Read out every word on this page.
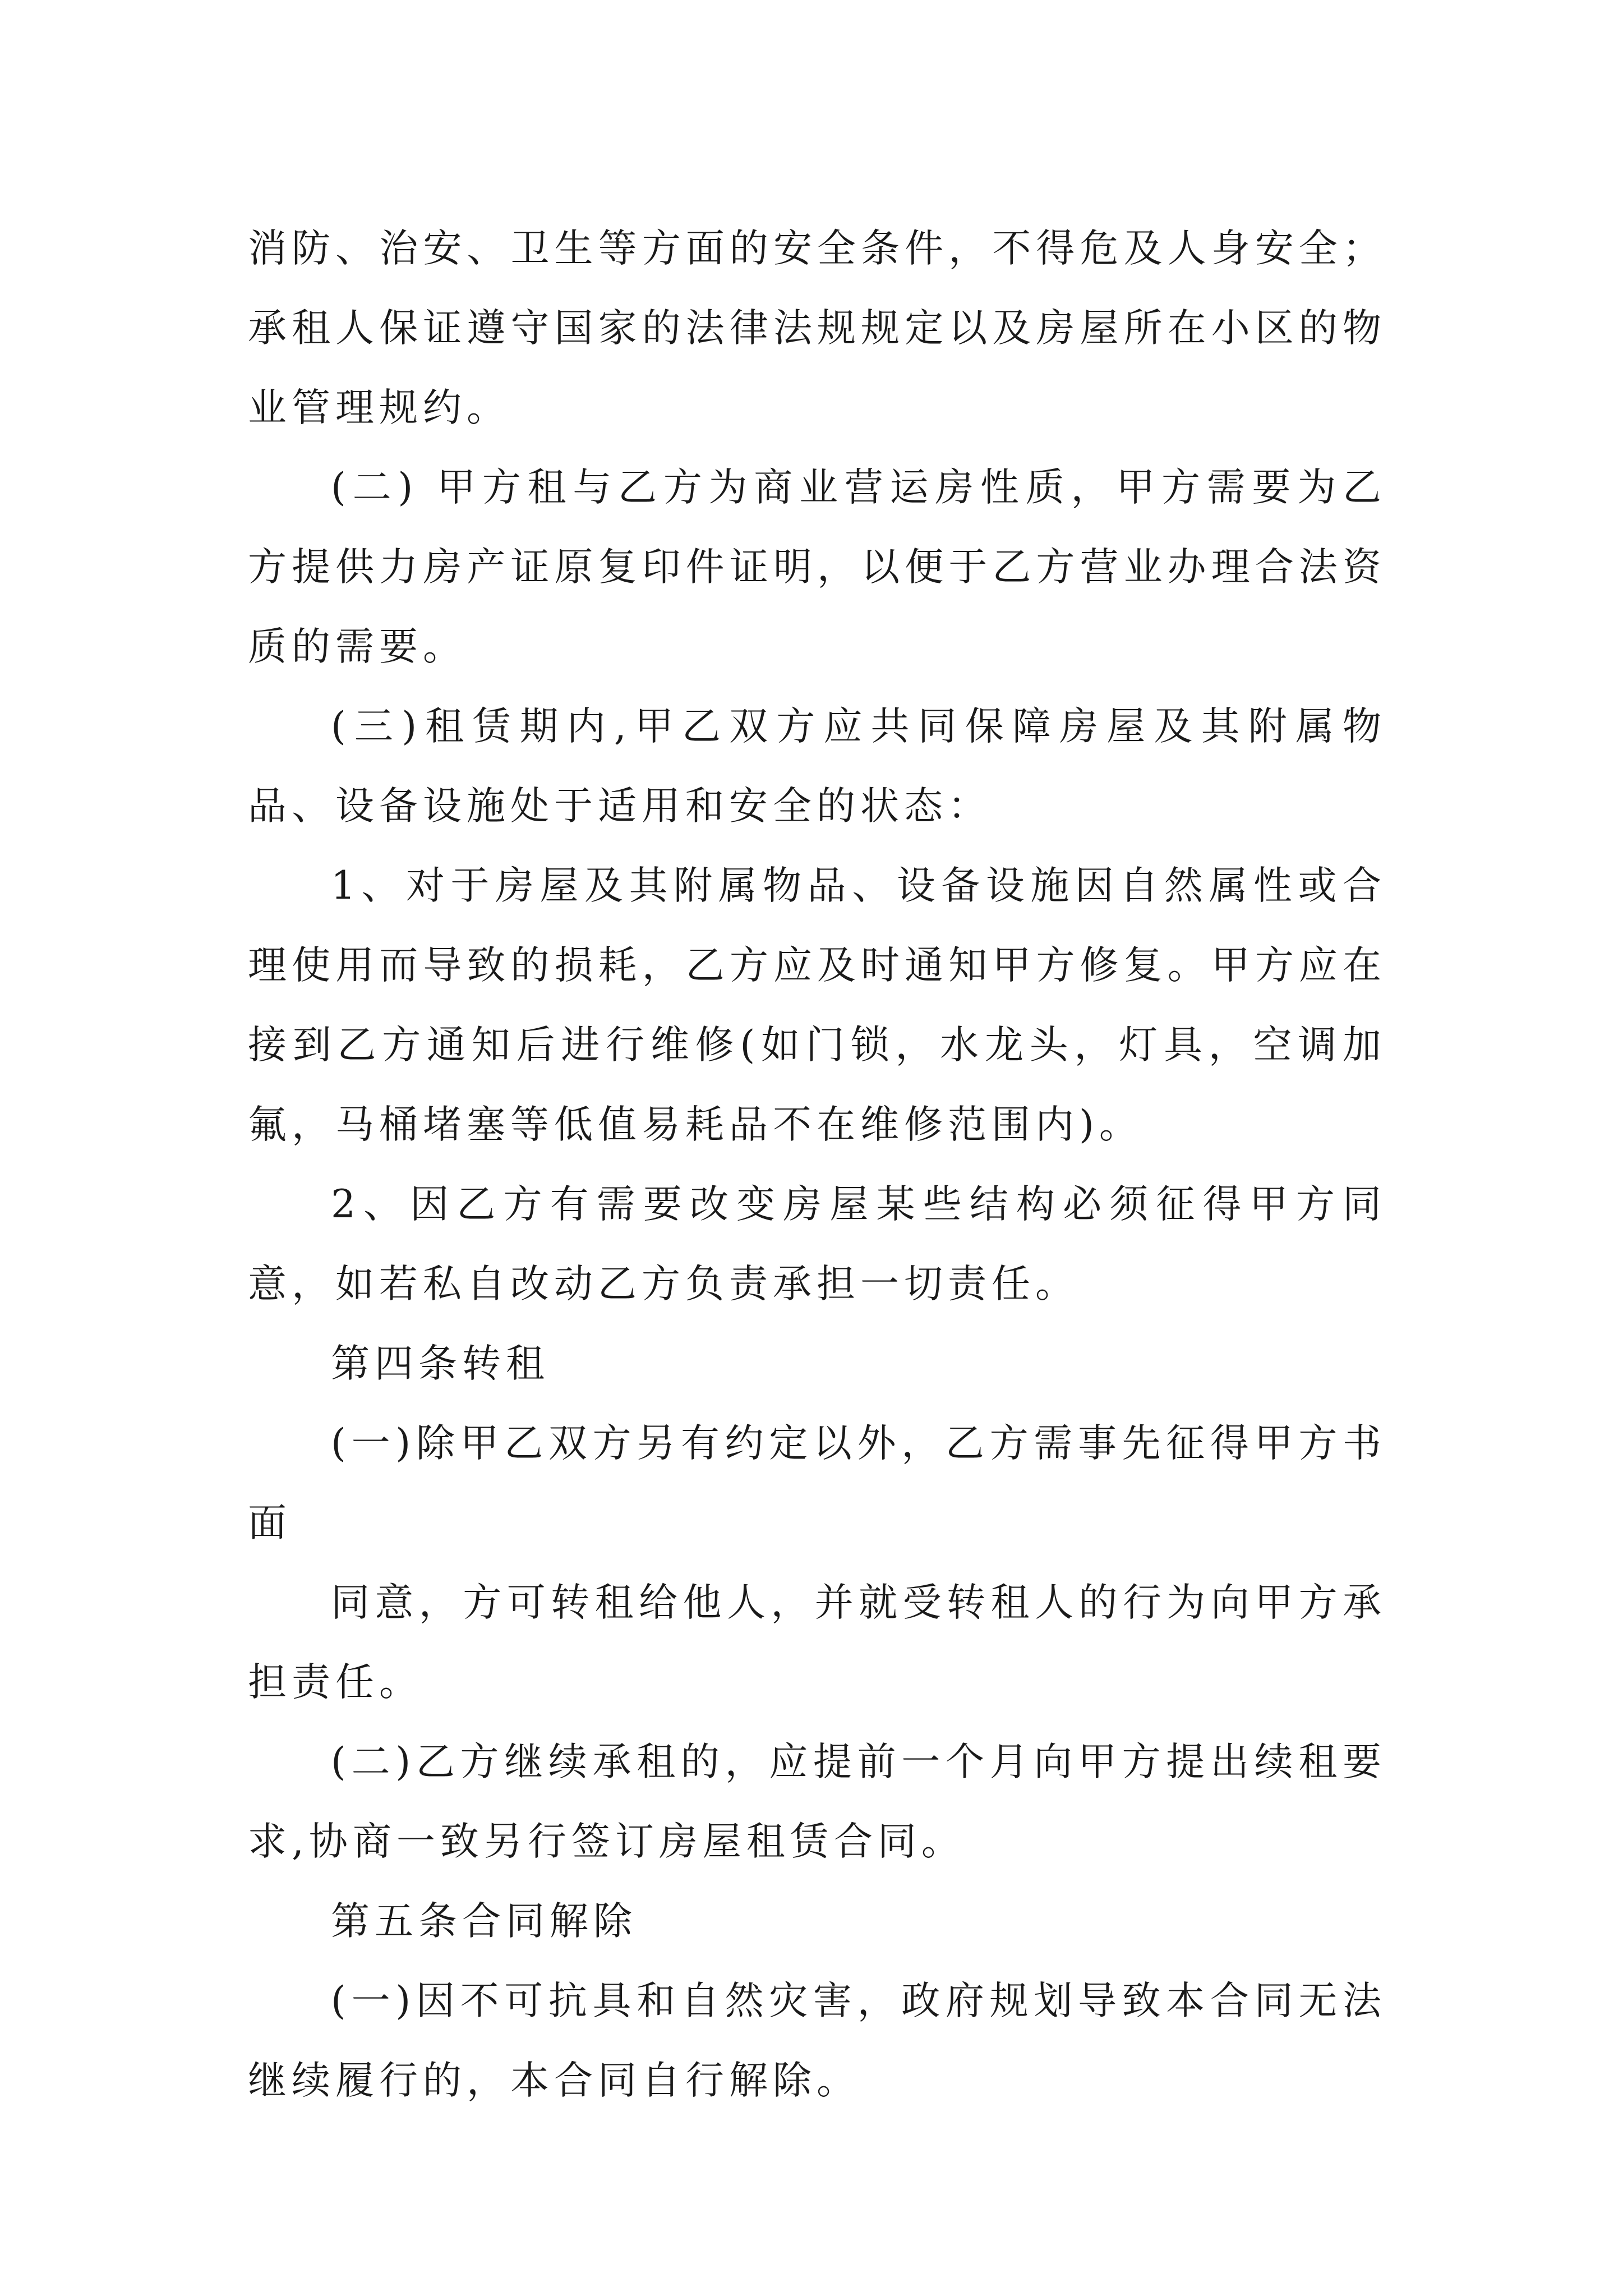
消防、治安、卫生等方面的安全条件，不得危及人身安全；承租人保证遵守国家的法律法规规定以及房屋所在小区的物业管理规约。

(二) 甲方租与乙方为商业营运房性质，甲方需要为乙方提供力房产证原复印件证明，以便于乙方营业办理合法资质的需要。

(三)租赁期内,甲乙双方应共同保障房屋及其附属物品、设备设施处于适用和安全的状态：

1、对于房屋及其附属物品、设备设施因自然属性或合理使用而导致的损耗，乙方应及时通知甲方修复。甲方应在接到乙方通知后进行维修(如门锁，水龙头，灯具，空调加氟，马桶堵塞等低值易耗品不在维修范围内)。

2、因乙方有需要改变房屋某些结构必须征得甲方同意，如若私自改动乙方负责承担一切责任。

第四条转租

(一)除甲乙双方另有约定以外，乙方需事先征得甲方书面

同意，方可转租给他人，并就受转租人的行为向甲方承担责任。

(二)乙方继续承租的，应提前一个月向甲方提出续租要求,协商一致另行签订房屋租赁合同。

第五条合同解除

(一)因不可抗具和自然灾害，政府规划导致本合同无法继续履行的，本合同自行解除。
